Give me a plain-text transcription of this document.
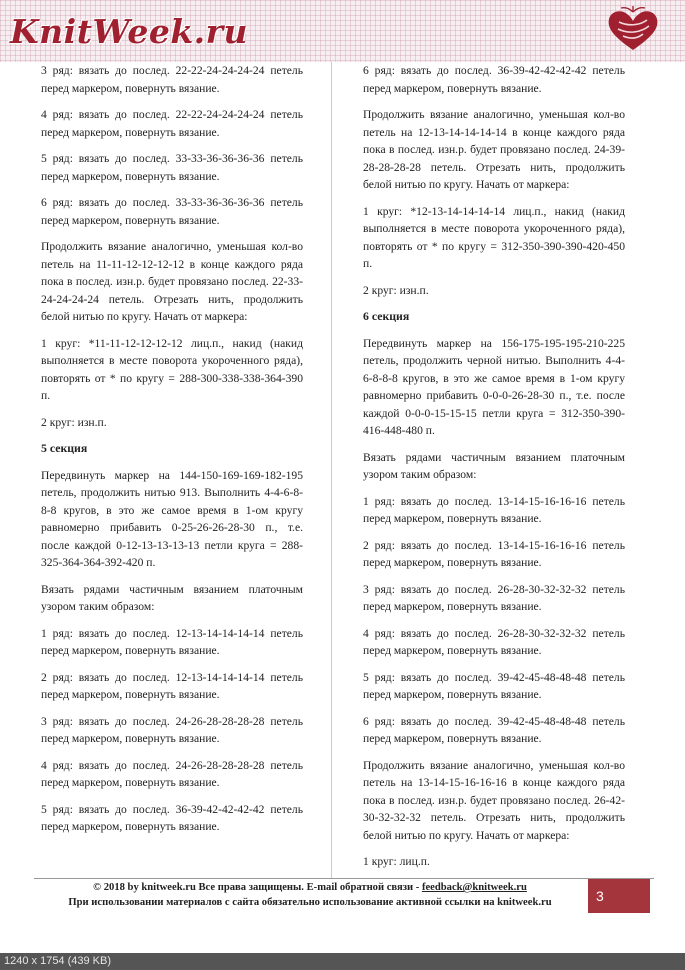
KnitWeek.ru

3 ряд: вязать до послед. 22-22-24-24-24-24 петель перед маркером, повернуть вязание.

4 ряд: вязать до послед. 22-22-24-24-24-24 петель перед маркером, повернуть вязание.

5 ряд: вязать до послед. 33-33-36-36-36-36 петель перед маркером, повернуть вязание.

6 ряд: вязать до послед. 33-33-36-36-36-36 петель перед маркером, повернуть вязание.

Продолжить вязание аналогично, уменьшая кол-во петель на 11-11-12-12-12-12 в конце каждого ряда пока в послед. изн.р. будет провязано послед. 22-33-24-24-24-24 петель. Отрезать нить, продолжить белой нитью по кругу. Начать от маркера:

1 круг: *11-11-12-12-12-12 лиц.п., накид (накид выполняется в месте поворота укороченного ряда), повторять от * по кругу = 288-300-338-338-364-390 п.

2 круг: изн.п.

5 секция

Передвинуть маркер на 144-150-169-169-182-195 петель, продолжить нитью 913. Выполнить 4-4-6-8-8-8 кругов, в это же самое время в 1-ом кругу равномерно прибавить 0-25-26-26-28-30 п., т.е. после каждой 0-12-13-13-13-13 петли круга = 288-325-364-364-392-420 п.

Вязать рядами частичным вязанием платочным узором таким образом:

1 ряд: вязать до послед. 12-13-14-14-14-14 петель перед маркером, повернуть вязание.

2 ряд: вязать до послед. 12-13-14-14-14-14 петель перед маркером, повернуть вязание.

3 ряд: вязать до послед. 24-26-28-28-28-28 петель перед маркером, повернуть вязание.

4 ряд: вязать до послед. 24-26-28-28-28-28 петель перед маркером, повернуть вязание.

5 ряд: вязать до послед. 36-39-42-42-42-42 петель перед маркером, повернуть вязание.

6 ряд: вязать до послед. 36-39-42-42-42-42 петель перед маркером, повернуть вязание.

Продолжить вязание аналогично, уменьшая кол-во петель на 12-13-14-14-14-14 в конце каждого ряда пока в послед. изн.р. будет провязано послед. 24-39-28-28-28-28 петель. Отрезать нить, продолжить белой нитью по кругу. Начать от маркера:

1 круг: *12-13-14-14-14-14 лиц.п., накид (накид выполняется в месте поворота укороченного ряда), повторять от * по кругу = 312-350-390-390-420-450 п.

2 круг: изн.п.

6 секция

Передвинуть маркер на 156-175-195-195-210-225 петель, продолжить черной нитью. Выполнить 4-4-6-8-8-8 кругов, в это же самое время в 1-ом кругу равномерно прибавить 0-0-0-26-28-30 п., т.е. после каждой 0-0-0-15-15-15 петли круга = 312-350-390-416-448-480 п.

Вязать рядами частичным вязанием платочным узором таким образом:

1 ряд: вязать до послед. 13-14-15-16-16-16 петель перед маркером, повернуть вязание.

2 ряд: вязать до послед. 13-14-15-16-16-16 петель перед маркером, повернуть вязание.

3 ряд: вязать до послед. 26-28-30-32-32-32 петель перед маркером, повернуть вязание.

4 ряд: вязать до послед. 26-28-30-32-32-32 петель перед маркером, повернуть вязание.

5 ряд: вязать до послед. 39-42-45-48-48-48 петель перед маркером, повернуть вязание.

6 ряд: вязать до послед. 39-42-45-48-48-48 петель перед маркером, повернуть вязание.

Продолжить вязание аналогично, уменьшая кол-во петель на 13-14-15-16-16-16 в конце каждого ряда пока в послед. изн.р. будет провязано послед. 26-42-30-32-32-32 петель. Отрезать нить, продолжить белой нитью по кругу. Начать от маркера:

1 круг: лиц.п.

© 2018 by knitweek.ru Все права защищены. E-mail обратной связи - feedback@knitweek.ru
При использовании материалов с сайта обязательно использование активной ссылки на knitweek.ru	3
1240 x 1754 (439 KB)
